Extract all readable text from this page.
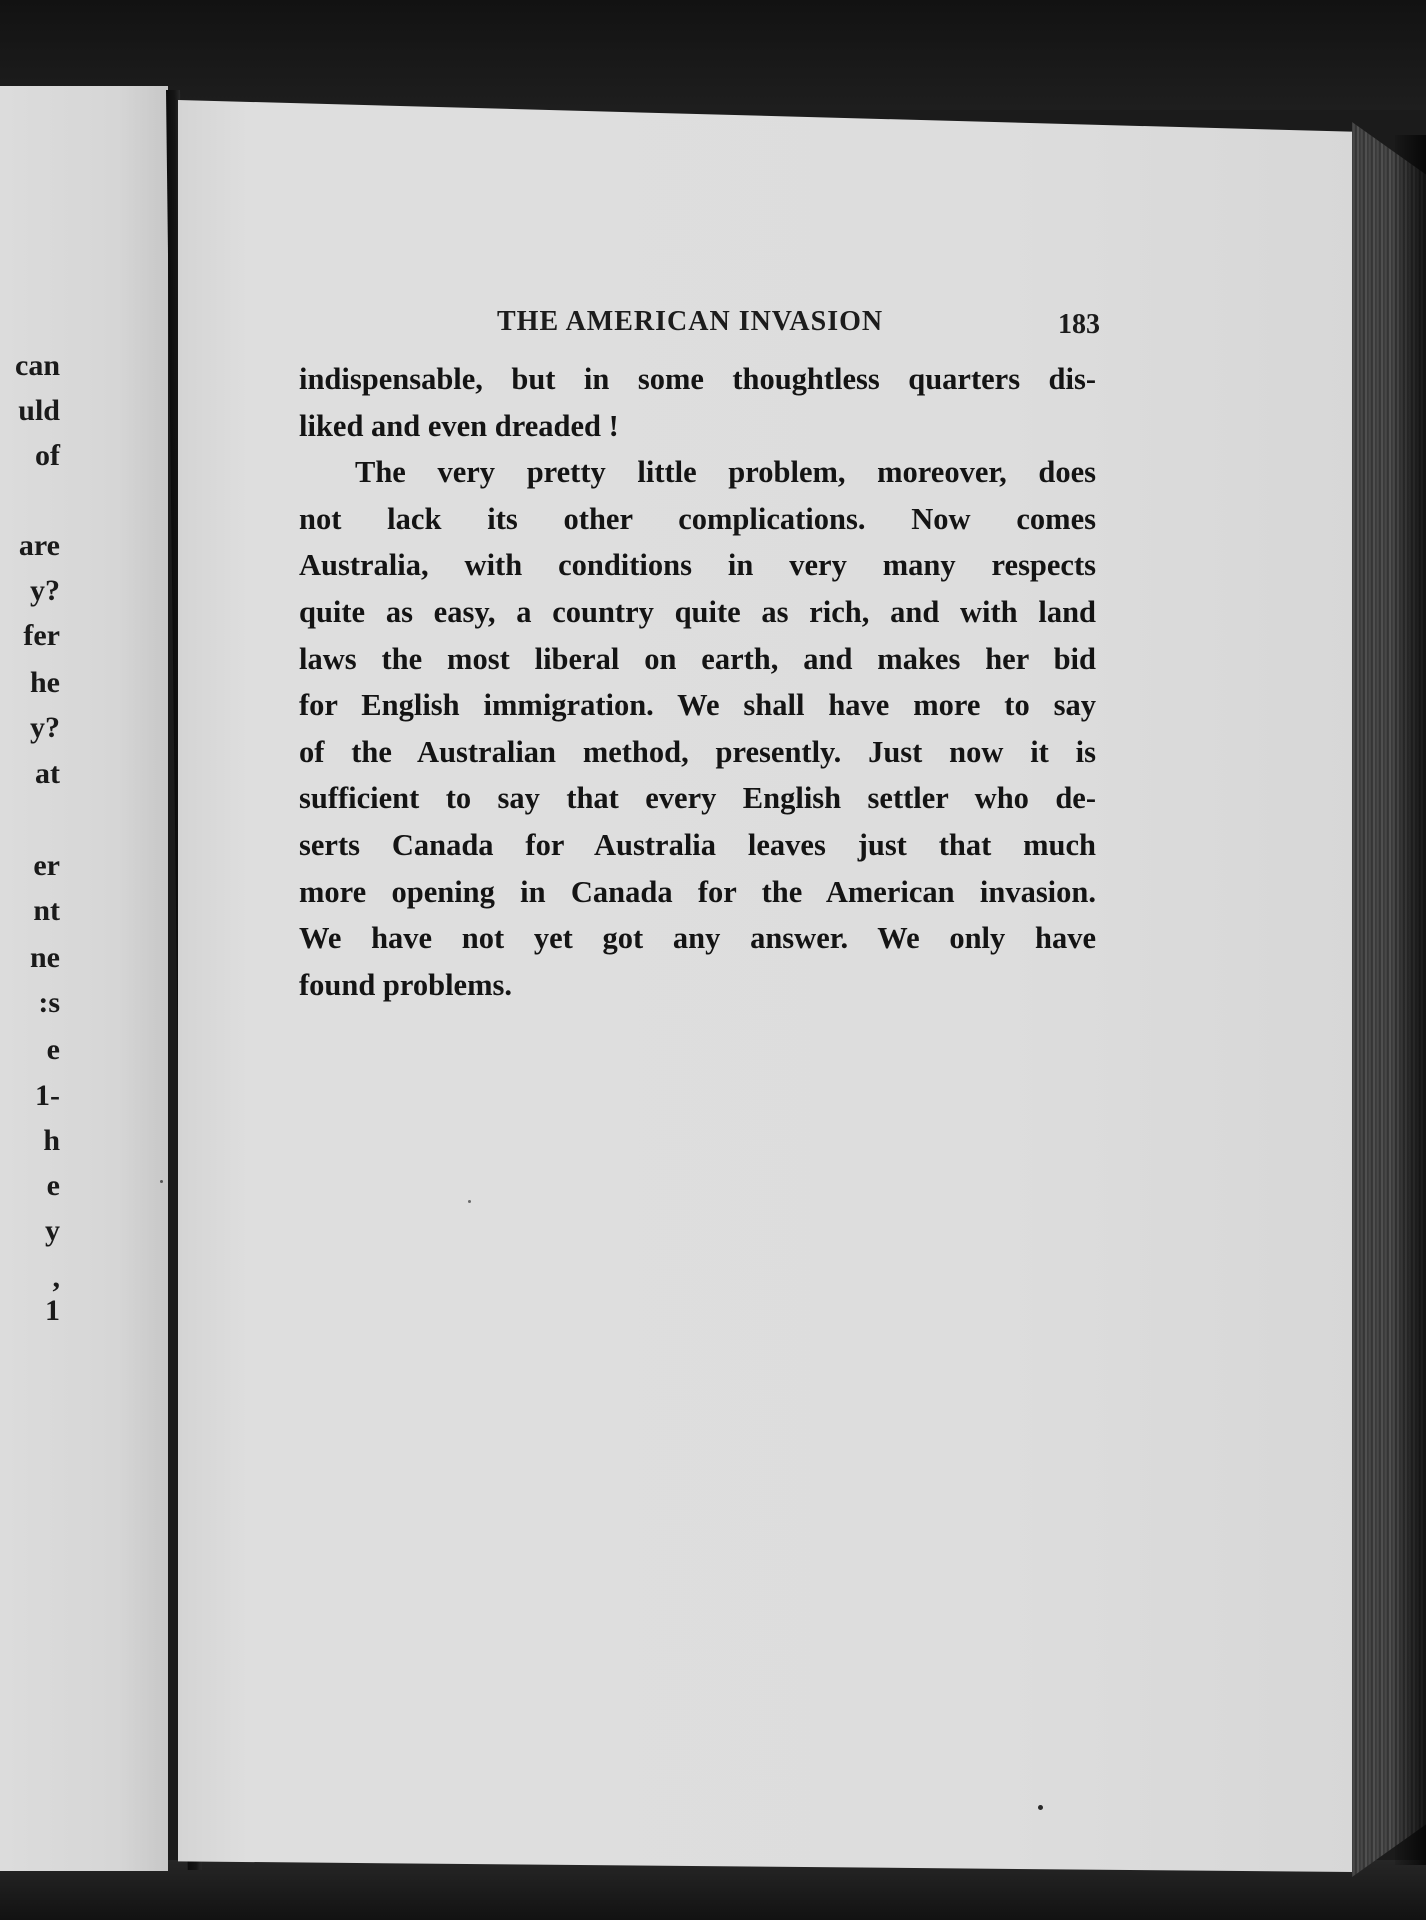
can
uld
of
are
y?
fer
he
y?
at
er
nt
ne
:s
e
1-
h
e
y
,
1
THE AMERICAN INVASION	183
indispensable, but in some thoughtless quarters dis-
liked and even dreaded !
The very pretty little problem, moreover, does
not lack its other complications. Now comes
Australia, with conditions in very many respects
quite as easy, a country quite as rich, and with land
laws the most liberal on earth, and makes her bid
for English immigration. We shall have more to say
of the Australian method, presently. Just now it is
sufficient to say that every English settler who de-
serts Canada for Australia leaves just that much
more opening in Canada for the American invasion.
We have not yet got any answer. We only have
found problems.
